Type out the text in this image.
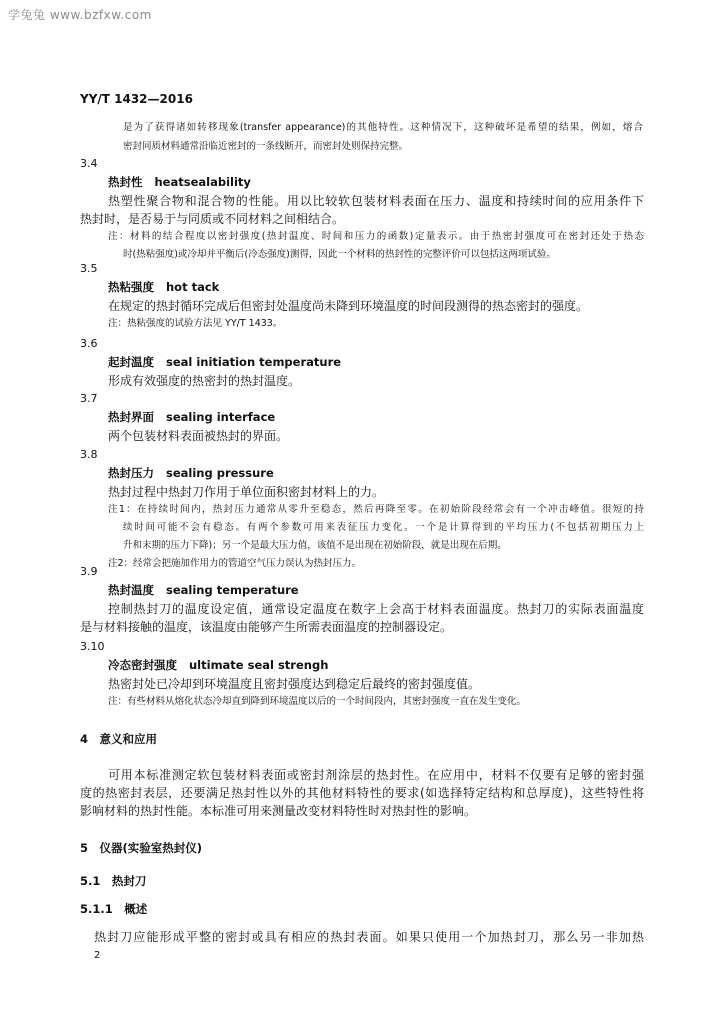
学兔兔 www.bzfxw.com
YY/T 1432—2016
是为了获得诸如转移现象(transfer appearance)的其他特性。这种情况下，这种破坏是希望的结果，例如，熔合
密封同质材料通常沿临近密封的一条线断开，而密封处则保持完整。
3.4
热封性 heatsealability
热塑性聚合物和混合物的性能。用以比较软包装材料表面在压力、温度和持续时间的应用条件下
热封时，是否易于与同质或不同材料之间相结合。
注：材料的结合程度以密封强度(热封温度、时间和压力的函数)定量表示。由于热密封强度可在密封还处于热态
时(热粘强度)或冷却并平衡后(冷态强度)测得，因此一个材料的热封性的完整评价可以包括这两项试验。
3.5
热粘强度 hot tack
在规定的热封循环完成后但密封处温度尚未降到环境温度的时间段测得的热态密封的强度。
注：热粘强度的试验方法见 YY/T 1433。
3.6
起封温度 seal initiation temperature
形成有效强度的热密封的热封温度。
3.7
热封界面 sealing interface
两个包装材料表面被热封的界面。
3.8
热封压力 sealing pressure
热封过程中热封刀作用于单位面积密封材料上的力。
注1：在持续时间内，热封压力通常从零升至稳态，然后再降至零。在初始阶段经常会有一个冲击峰值。很短的持
续时间可能不会有稳态。有两个参数可用来表征压力变化。一个是计算得到的平均压力(不包括初期压力上
升和末期的压力下降)；另一个是最大压力值，该值不是出现在初始阶段，就是出现在后期。
注2：经常会把施加作用力的管道空气压力误认为热封压力。
3.9
热封温度 sealing temperature
控制热封刀的温度设定值，通常设定温度在数字上会高于材料表面温度。热封刀的实际表面温度
是与材料接触的温度，该温度由能够产生所需表面温度的控制器设定。
3.10
冷态密封强度 ultimate seal strengh
热密封处已冷却到环境温度且密封强度达到稳定后最终的密封强度值。
注：有些材料从熔化状态冷却直到降到环境温度以后的一个时间段内，其密封强度一直在发生变化。
4　意义和应用
可用本标准测定软包装材料表面或密封剂涂层的热封性。在应用中，材料不仅要有足够的密封强
度的热密封表层，还要满足热封性以外的其他材料特性的要求(如选择特定结构和总厚度)，这些特性将
影响材料的热封性能。本标准可用来测量改变材料特性时对热封性的影响。
5　仪器(实验室热封仪)
5.1　热封刀
5.1.1　概述
热封刀应能形成平整的密封或具有相应的热封表面。如果只使用一个加热封刀，那么另一非加热
2
